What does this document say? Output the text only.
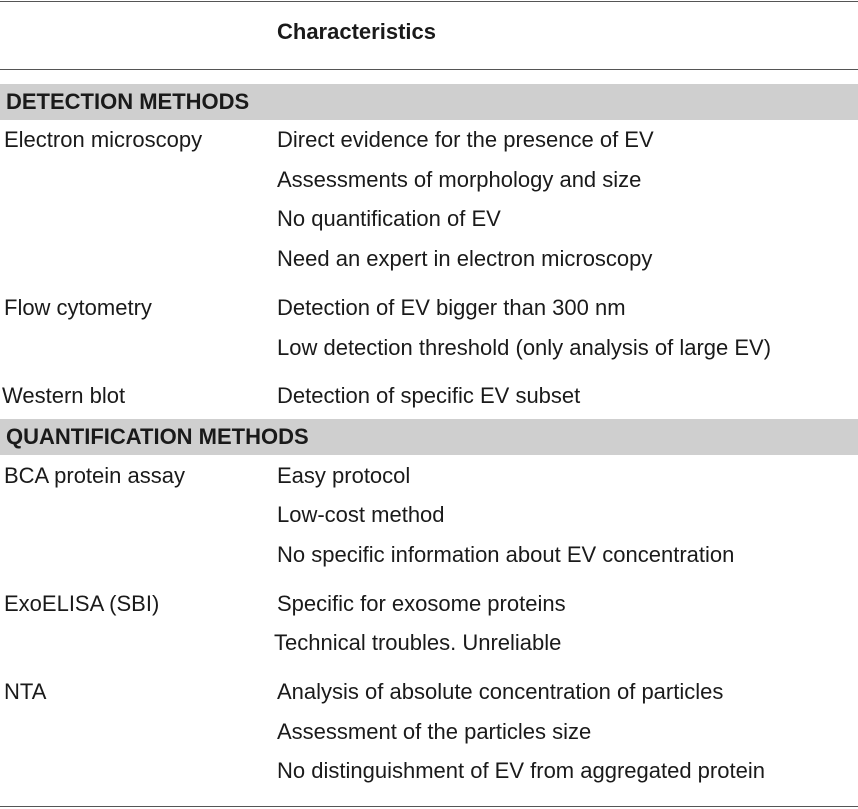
Characteristics
DETECTION METHODS
Electron microscopy	Direct evidence for the presence of EV
Assessments of morphology and size
No quantification of EV
Need an expert in electron microscopy
Flow cytometry	Detection of EV bigger than 300 nm
Low detection threshold (only analysis of large EV)
Western blot	Detection of specific EV subset
QUANTIFICATION METHODS
BCA protein assay	Easy protocol
Low-cost method
No specific information about EV concentration
ExoELISA (SBI)	Specific for exosome proteins
Technical troubles. Unreliable
NTA	Analysis of absolute concentration of particles
Assessment of the particles size
No distinguishment of EV from aggregated protein
